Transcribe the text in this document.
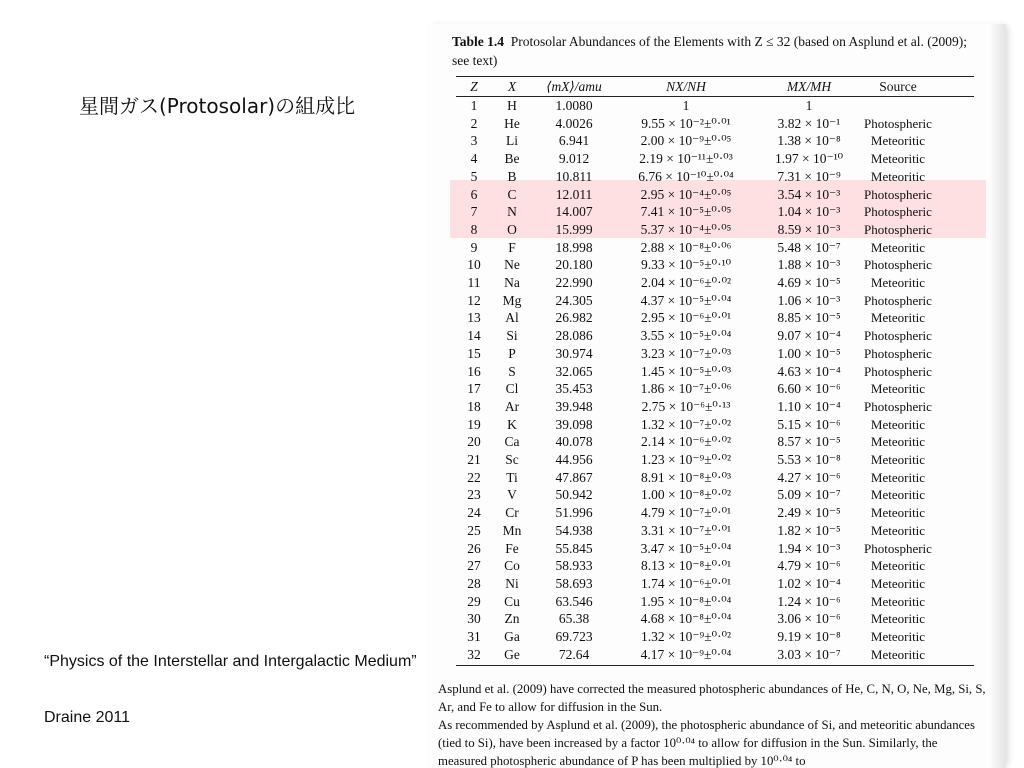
星間ガス(Protosolar)の組成比
“Physics of the Interstellar and Intergalactic Medium”
Draine 2011
Table 1.4 Protosolar Abundances of the Elements with Z ≤ 32 (based on Asplund et al. (2009); see text)
Z X ⟨mX⟩/amu	NX/NH	MX/MH	Source
1 H	1.0080	1	1
2 He	4.0026	9.55 × 10⁻²±⁰·⁰¹	3.82 × 10⁻¹ Photospheric
3 Li	6.941	2.00 × 10⁻⁹±⁰·⁰⁵	1.38 × 10⁻⁸ Meteoritic
4 Be	9.012	2.19 × 10⁻¹¹±⁰·⁰³	1.97 × 10⁻¹⁰ Meteoritic
5 B	10.811	6.76 × 10⁻¹⁰±⁰·⁰⁴	7.31 × 10⁻⁹ Meteoritic
6 C	12.011	2.95 × 10⁻⁴±⁰·⁰⁵	3.54 × 10⁻³ Photospheric
7 N	14.007	7.41 × 10⁻⁵±⁰·⁰⁵	1.04 × 10⁻³ Photospheric
8 O	15.999	5.37 × 10⁻⁴±⁰·⁰⁵	8.59 × 10⁻³ Photospheric
9 F	18.998	2.88 × 10⁻⁸±⁰·⁰⁶	5.48 × 10⁻⁷ Meteoritic
10 Ne	20.180	9.33 × 10⁻⁵±⁰·¹⁰	1.88 × 10⁻³ Photospheric
11 Na	22.990	2.04 × 10⁻⁶±⁰·⁰²	4.69 × 10⁻⁵ Meteoritic
12 Mg	24.305	4.37 × 10⁻⁵±⁰·⁰⁴	1.06 × 10⁻³ Photospheric
13 Al	26.982	2.95 × 10⁻⁶±⁰·⁰¹	8.85 × 10⁻⁵ Meteoritic
14 Si	28.086	3.55 × 10⁻⁵±⁰·⁰⁴	9.07 × 10⁻⁴ Photospheric
15 P	30.974	3.23 × 10⁻⁷±⁰·⁰³	1.00 × 10⁻⁵ Photospheric
16 S	32.065	1.45 × 10⁻⁵±⁰·⁰³	4.63 × 10⁻⁴ Photospheric
17 Cl	35.453	1.86 × 10⁻⁷±⁰·⁰⁶	6.60 × 10⁻⁶ Meteoritic
18 Ar	39.948	2.75 × 10⁻⁶±⁰·¹³	1.10 × 10⁻⁴ Photospheric
19 K	39.098	1.32 × 10⁻⁷±⁰·⁰²	5.15 × 10⁻⁶ Meteoritic
20 Ca	40.078	2.14 × 10⁻⁶±⁰·⁰²	8.57 × 10⁻⁵ Meteoritic
21 Sc	44.956	1.23 × 10⁻⁹±⁰·⁰²	5.53 × 10⁻⁸ Meteoritic
22 Ti	47.867	8.91 × 10⁻⁸±⁰·⁰³	4.27 × 10⁻⁶ Meteoritic
23 V	50.942	1.00 × 10⁻⁸±⁰·⁰²	5.09 × 10⁻⁷ Meteoritic
24 Cr	51.996	4.79 × 10⁻⁷±⁰·⁰¹	2.49 × 10⁻⁵ Meteoritic
25 Mn	54.938	3.31 × 10⁻⁷±⁰·⁰¹	1.82 × 10⁻⁵ Meteoritic
26 Fe	55.845	3.47 × 10⁻⁵±⁰·⁰⁴	1.94 × 10⁻³ Photospheric
27 Co	58.933	8.13 × 10⁻⁸±⁰·⁰¹	4.79 × 10⁻⁶ Meteoritic
28 Ni	58.693	1.74 × 10⁻⁶±⁰·⁰¹	1.02 × 10⁻⁴ Meteoritic
29 Cu	63.546	1.95 × 10⁻⁸±⁰·⁰⁴	1.24 × 10⁻⁶ Meteoritic
30 Zn	65.38	4.68 × 10⁻⁸±⁰·⁰⁴	3.06 × 10⁻⁶ Meteoritic
31 Ga	69.723	1.32 × 10⁻⁹±⁰·⁰²	9.19 × 10⁻⁸ Meteoritic
32 Ge	72.64	4.17 × 10⁻⁹±⁰·⁰⁴	3.03 × 10⁻⁷ Meteoritic

Asplund et al. (2009) have corrected the measured photospheric abundances of He, C, N, O, Ne, Mg, Si, S, Ar, and Fe to allow for diffusion in the Sun.

As recommended by Asplund et al. (2009), the photospheric abundance of Si, and meteoritic abundances (tied to Si), have been increased by a factor 10⁰·⁰⁴ to allow for diffusion in the Sun. Similarly, the measured photospheric abundance of P has been multiplied by 10⁰·⁰⁴ to
